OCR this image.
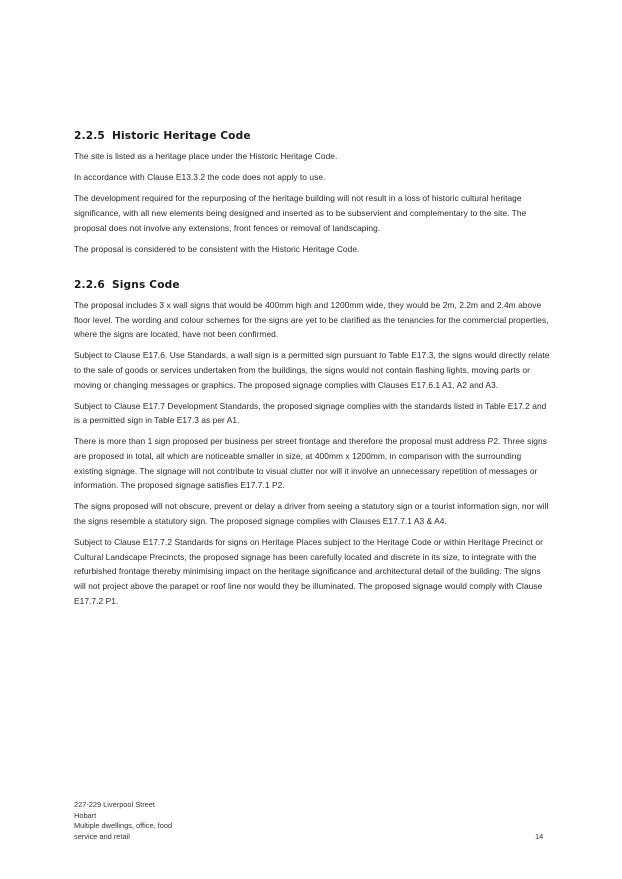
2.2.5 Historic Heritage Code

The site is listed as a heritage place under the Historic Heritage Code.

In accordance with Clause E13.3.2 the code does not apply to use.

The development required for the repurposing of the heritage building will not result in a loss of historic cultural heritage significance, with all new elements being designed and inserted as to be subservient and complementary to the site. The proposal does not involve any extensions, front fences or removal of landscaping.

The proposal is considered to be consistent with the Historic Heritage Code.

2.2.6 Signs Code

The proposal includes 3 x wall signs that would be 400mm high and 1200mm wide, they would be 2m, 2.2m and 2.4m above floor level. The wording and colour schemes for the signs are yet to be clarified as the tenancies for the commercial properties, where the signs are located, have not been confirmed.

Subject to Clause E17.6. Use Standards, a wall sign is a permitted sign pursuant to Table E17.3, the signs would directly relate to the sale of goods or services undertaken from the buildings, the signs would not contain flashing lights, moving parts or moving or changing messages or graphics. The proposed signage complies with Clauses E17.6.1 A1, A2 and A3.

Subject to Clause E17.7 Development Standards, the proposed signage complies with the standards listed in Table E17.2 and is a permitted sign in Table E17.3 as per A1.

There is more than 1 sign proposed per business per street frontage and therefore the proposal must address P2. Three signs are proposed in total, all which are noticeable smaller in size, at 400mm x 1200mm, in comparison with the surrounding existing signage. The signage will not contribute to visual clutter nor will it involve an unnecessary repetition of messages or information. The proposed signage satisfies E17.7.1 P2.

The signs proposed will not obscure, prevent or delay a driver from seeing a statutory sign or a tourist information sign, nor will the signs resemble a statutory sign. The proposed signage complies with Clauses E17.7.1 A3 & A4.

Subject to Clause E17.7.2 Standards for signs on Heritage Places subject to the Heritage Code or within Heritage Precinct or Cultural Landscape Precincts, the proposed signage has been carefully located and discrete in its size, to integrate with the refurbished frontage thereby minimising impact on the heritage significance and architectural detail of the building. The signs will not project above the parapet or roof line nor would they be illuminated. The proposed signage would comply with Clause E17.7.2 P1.

227-229 Liverpool Street
Hobart
Multiple dwellings, office, food
service and retail	14
